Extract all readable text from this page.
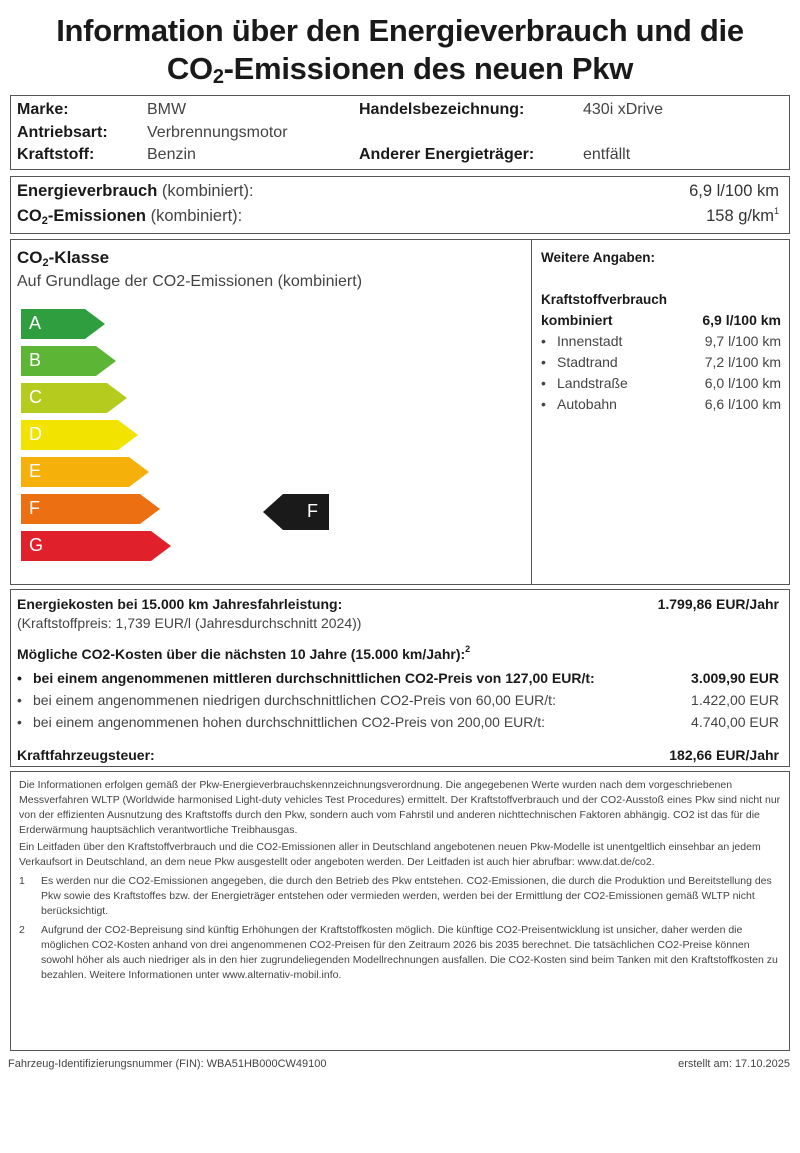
Information über den Energieverbrauch und die
$CO_2$-Emissionen des neuen Pkw
Marke:	BMW
Antriebsart: Verbrennungsmotor
Kraftstoff:	Benzin
Handelsbezeichnung:	430i xDrive
Anderer Energieträger:	entfällt
Energieverbrauch (kombiniert):	6,9 l/100 km
$CO_2$-Emissionen (kombiniert):	158 $g/km^1$
$CO_2$-Klasse
Auf Grundlage der CO2-Emissionen (kombiniert)
A
B
C
D
E
F
G
F
Weitere Angaben:
Kraftstoffverbrauch
kombiniert	6,9 l/100 km
• Innenstadt	9,7 l/100 km
• Stadtrand	7,2 l/100 km
• Landstraße	6,0 l/100 km
• Autobahn	6,6 l/100 km
Energiekosten bei 15.000 km Jahresfahrleistung:	1.799,86 EUR/Jahr
(Kraftstoffpreis: 1,739 EUR/l (Jahresdurchschnitt 2024))
Mögliche CO2-Kosten über die nächsten 10 Jahre (15.000 km/Jahr):$^2$
• bei einem angenommenen mittleren durchschnittlichen CO2-Preis von 127,00 EUR/t:	3.009,90 EUR
• bei einem angenommenen niedrigen durchschnittlichen CO2-Preis von 60,00 EUR/t:	1.422,00 EUR
• bei einem angenommenen hohen durchschnittlichen CO2-Preis von 200,00 EUR/t:	4.740,00 EUR
Kraftfahrzeugsteuer:	182,66 EUR/Jahr
Die Informationen erfolgen gemäß der Pkw-Energieverbrauchskennzeichnungsverordnung. Die angegebenen Werte wurden nach dem vorgeschriebenen Messverfahren WLTP (Worldwide harmonised Light-duty vehicles Test Procedures) ermittelt. Der Kraftstoffverbrauch und der CO2-Ausstoß eines Pkw sind nicht nur von der effizienten Ausnutzung des Kraftstoffs durch den Pkw, sondern auch vom Fahrstil und anderen nichttechnischen Faktoren abhängig. CO2 ist das für die Erderwärmung hauptsächlich verantwortliche Treibhausgas.
Ein Leitfaden über den Kraftstoffverbrauch und die CO2-Emissionen aller in Deutschland angebotenen neuen Pkw-Modelle ist unentgeltlich einsehbar an jedem Verkaufsort in Deutschland, an dem neue Pkw ausgestellt oder angeboten werden. Der Leitfaden ist auch hier abrufbar: www.dat.de/co2.
1	Es werden nur die CO2-Emissionen angegeben, die durch den Betrieb des Pkw entstehen. CO2-Emissionen, die durch die Produktion und Bereitstellung des Pkw sowie des Kraftstoffes bzw. der Energieträger entstehen oder vermieden werden, werden bei der Ermittlung der CO2-Emissionen gemäß WLTP nicht berücksichtigt.
2	Aufgrund der CO2-Bepreisung sind künftig Erhöhungen der Kraftstoffkosten möglich. Die künftige CO2-Preisentwicklung ist unsicher, daher werden die möglichen CO2-Kosten anhand von drei angenommenen CO2-Preisen für den Zeitraum 2026 bis 2035 berechnet. Die tatsächlichen CO2-Preise können sowohl höher als auch niedriger als in den hier zugrundeliegenden Modellrechnungen ausfallen. Die CO2-Kosten sind beim Tanken mit den Kraftstoffkosten zu bezahlen. Weitere Informationen unter www.alternativ-mobil.info.
Fahrzeug-Identifizierungsnummer (FIN): WBA51HB000CW49100	erstellt am: 17.10.2025
